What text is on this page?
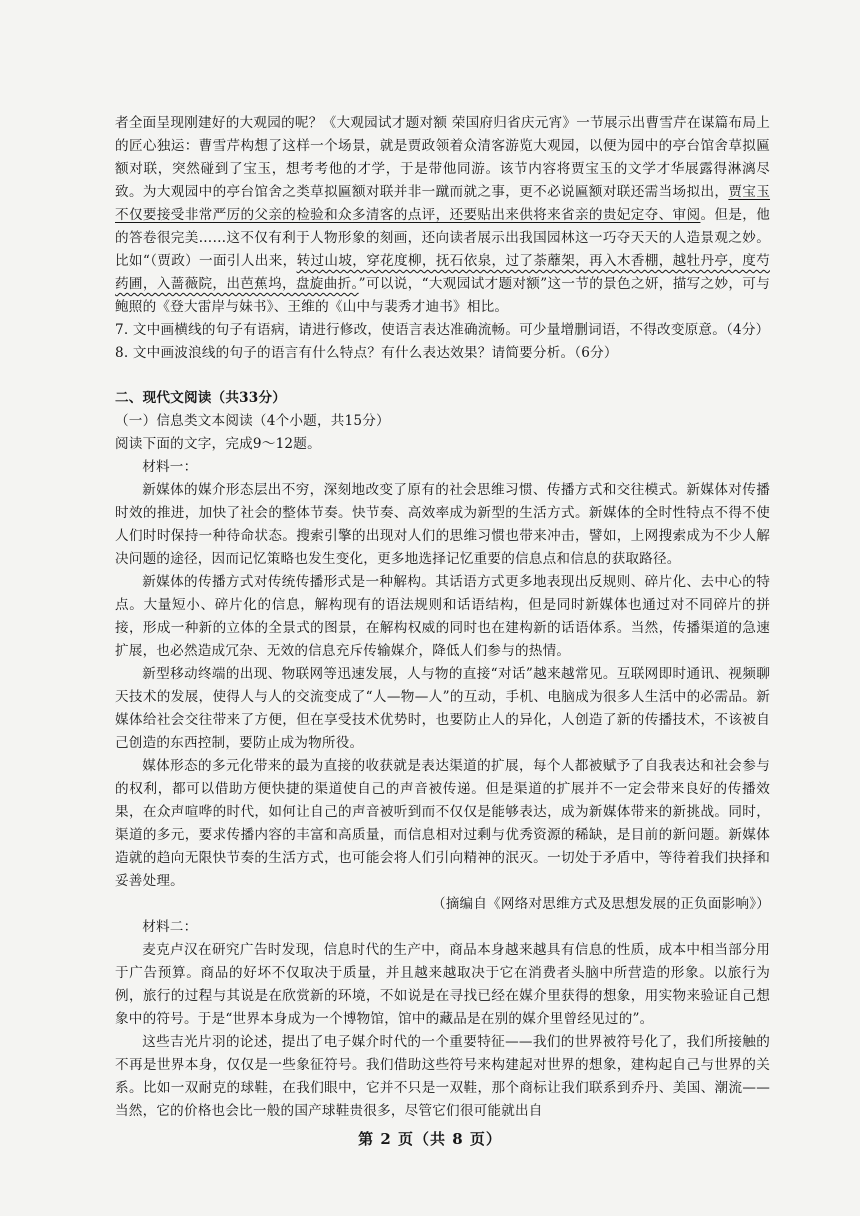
者全面呈现刚建好的大观园的呢？《大观园试才题对额 荣国府归省庆元宵》一节展示出曹雪芹在谋篇布局上的匠心独运：曹雪芹构想了这样一个场景，就是贾政领着众清客游览大观园，以便为园中的亭台馆舍草拟匾额对联，突然碰到了宝玉，想考考他的才学，于是带他同游。该节内容将贾宝玉的文学才华展露得淋漓尽致。为大观园中的亭台馆舍之类草拟匾额对联并非一蹴而就之事，更不必说匾额对联还需当场拟出，贾宝玉不仅要接受非常严厉的父亲的检验和众多清客的点评，还要贴出来供将来省亲的贵妃定夺、审阅。但是，他的答卷很完美……这不仅有利于人物形象的刻画，还向读者展示出我国园林这一巧夺天天的人造景观之妙。比如“（贾政）一面引人出来，转过山坡，穿花度柳，抚石依泉，过了荼蘼架，再入木香棚，越牡丹亭，度芍药圃，入蔷薇院，出芭蕉坞，盘旋曲折。”可以说，“大观园试才题对额”这一节的景色之妍，描写之妙，可与鲍照的《登大雷岸与妹书》、王维的《山中与裴秀才迪书》相比。

7. 文中画横线的句子有语病，请进行修改，使语言表达准确流畅。可少量增删词语，不得改变原意。（4分）

8. 文中画波浪线的句子的语言有什么特点？有什么表达效果？请简要分析。（6分）

二、现代文阅读（共33分）

（一）信息类文本阅读（4个小题，共15分）

阅读下面的文字，完成9～12题。

材料一：

新媒体的媒介形态层出不穷，深刻地改变了原有的社会思维习惯、传播方式和交往模式。新媒体对传播时效的推进，加快了社会的整体节奏。快节奏、高效率成为新型的生活方式。新媒体的全时性特点不得不使人们时时保持一种待命状态。搜索引擎的出现对人们的思维习惯也带来冲击，譬如，上网搜索成为不少人解决问题的途径，因而记忆策略也发生变化，更多地选择记忆重要的信息点和信息的获取路径。

新媒体的传播方式对传统传播形式是一种解构。其话语方式更多地表现出反规则、碎片化、去中心的特点。大量短小、碎片化的信息，解构现有的语法规则和话语结构，但是同时新媒体也通过对不同碎片的拼接，形成一种新的立体的全景式的图景，在解构权威的同时也在建构新的话语体系。当然，传播渠道的急速扩展，也必然造成冗杂、无效的信息充斥传输媒介，降低人们参与的热情。

新型移动终端的出现、物联网等迅速发展，人与物的直接“对话”越来越常见。互联网即时通讯、视频聊天技术的发展，使得人与人的交流变成了“人—物—人”的互动，手机、电脑成为很多人生活中的必需品。新媒体给社会交往带来了方便，但在享受技术优势时，也要防止人的异化，人创造了新的传播技术，不该被自己创造的东西控制，要防止成为物所役。

媒体形态的多元化带来的最为直接的收获就是表达渠道的扩展，每个人都被赋予了自我表达和社会参与的权利，都可以借助方便快捷的渠道使自己的声音被传递。但是渠道的扩展并不一定会带来良好的传播效果，在众声喧哗的时代，如何让自己的声音被听到而不仅仅是能够表达，成为新媒体带来的新挑战。同时，渠道的多元，要求传播内容的丰富和高质量，而信息相对过剩与优秀资源的稀缺，是目前的新问题。新媒体造就的趋向无限快节奏的生活方式，也可能会将人们引向精神的泯灭。一切处于矛盾中，等待着我们抉择和妥善处理。

（摘编自《网络对思维方式及思想发展的正负面影响》）

材料二：

麦克卢汉在研究广告时发现，信息时代的生产中，商品本身越来越具有信息的性质，成本中相当部分用于广告预算。商品的好坏不仅取决于质量，并且越来越取决于它在消费者头脑中所营造的形象。以旅行为例，旅行的过程与其说是在欣赏新的环境，不如说是在寻找已经在媒介里获得的想象，用实物来验证自己想象中的符号。于是“世界本身成为一个博物馆，馆中的藏品是在别的媒介里曾经见过的”。

这些吉光片羽的论述，提出了电子媒介时代的一个重要特征——我们的世界被符号化了，我们所接触的不再是世界本身，仅仅是一些象征符号。我们借助这些符号来构建起对世界的想象，建构起自己与世界的关系。比如一双耐克的球鞋，在我们眼中，它并不只是一双鞋，那个商标让我们联系到乔丹、美国、潮流——当然，它的价格也会比一般的国产球鞋贵很多，尽管它们很可能就出自

第 2 页（共 8 页）
